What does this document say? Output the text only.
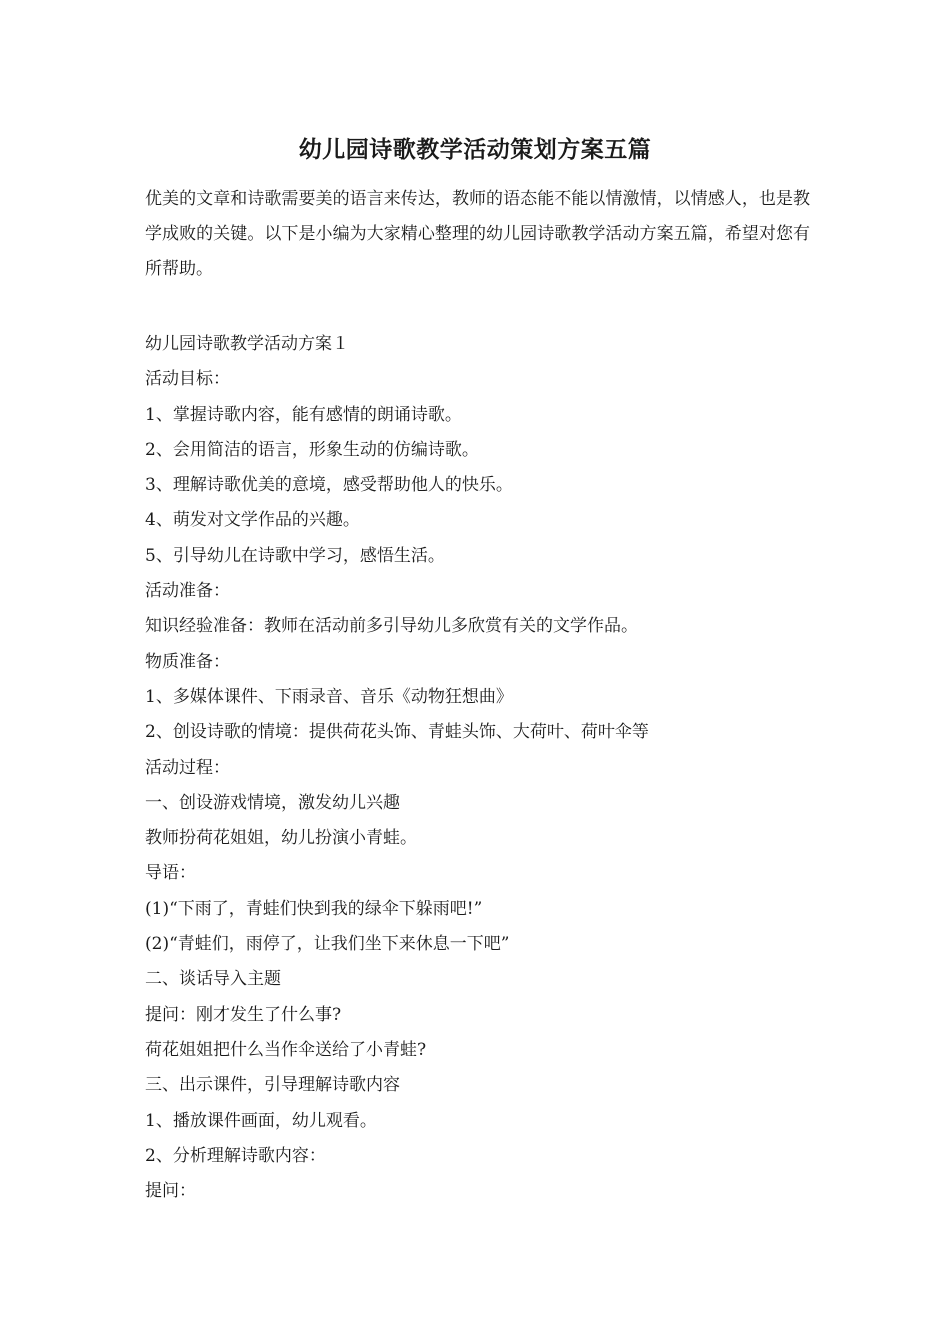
幼儿园诗歌教学活动策划方案五篇
优美的文章和诗歌需要美的语言来传达，教师的语态能不能以情激情，以情感人，也是教学成败的关键。以下是小编为大家精心整理的幼儿园诗歌教学活动方案五篇，希望对您有所帮助。
幼儿园诗歌教学活动方案１
活动目标：
1、掌握诗歌内容，能有感情的朗诵诗歌。
2、会用简洁的语言，形象生动的仿编诗歌。
3、理解诗歌优美的意境，感受帮助他人的快乐。
4、萌发对文学作品的兴趣。
5、引导幼儿在诗歌中学习，感悟生活。
活动准备：
知识经验准备：教师在活动前多引导幼儿多欣赏有关的文学作品。
物质准备：
1、多媒体课件、下雨录音、音乐《动物狂想曲》
2、创设诗歌的情境：提供荷花头饰、青蛙头饰、大荷叶、荷叶伞等
活动过程：
一、创设游戏情境，激发幼儿兴趣
教师扮荷花姐姐，幼儿扮演小青蛙。
导语：
(1)“下雨了，青蛙们快到我的绿伞下躲雨吧!”
(2)“青蛙们，雨停了，让我们坐下来休息一下吧”
二、谈话导入主题
提问：刚才发生了什么事?
荷花姐姐把什么当作伞送给了小青蛙?
三、出示课件，引导理解诗歌内容
1、播放课件画面，幼儿观看。
2、分析理解诗歌内容：
提问：
